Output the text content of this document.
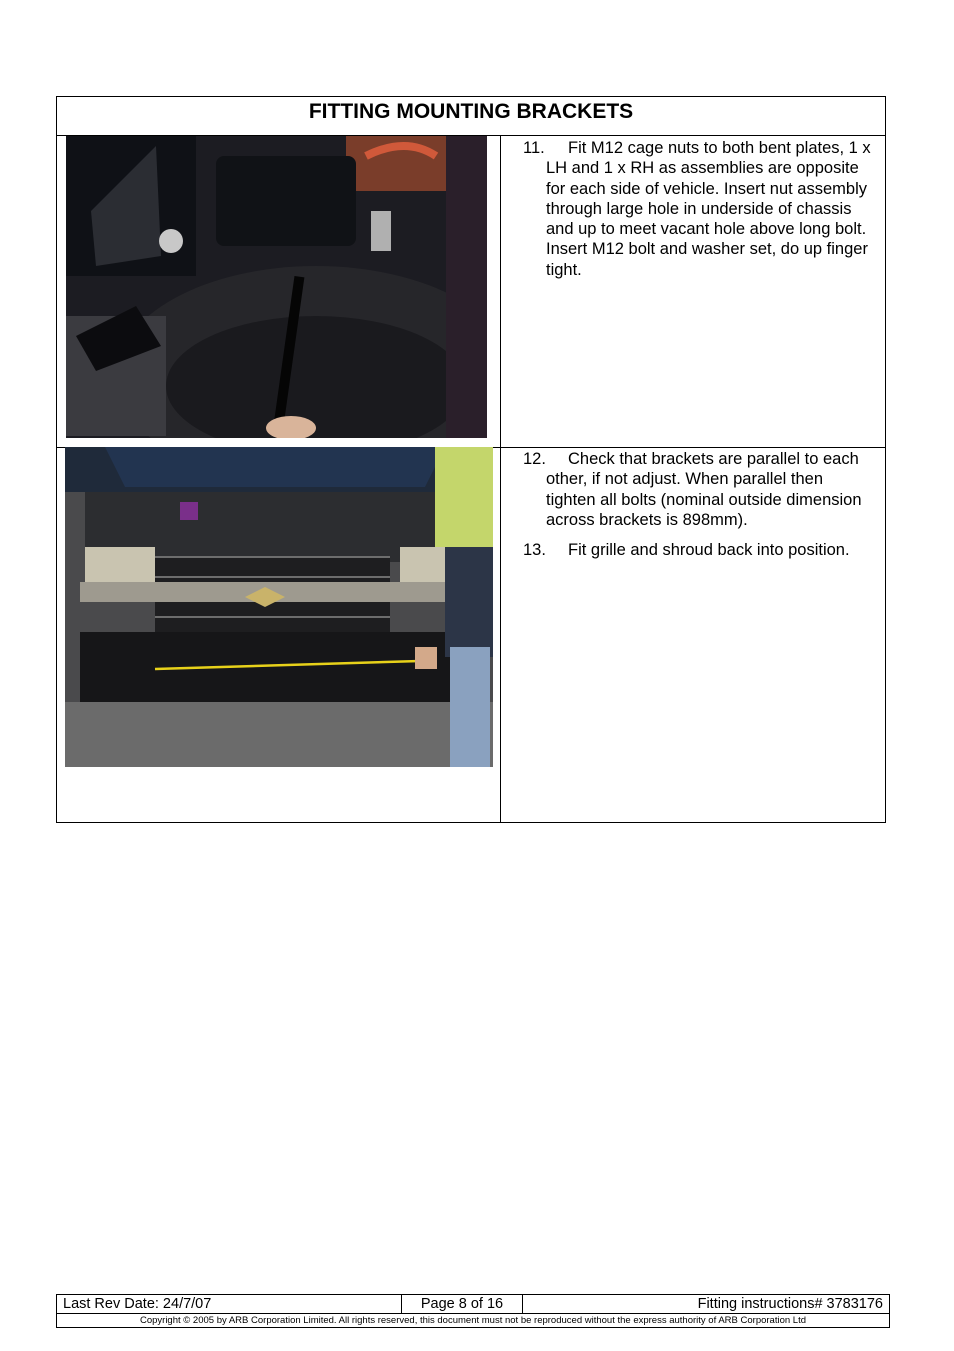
FITTING MOUNTING BRACKETS
11.	Fit M12 cage nuts to both bent plates, 1 x LH and 1 x RH as assemblies are opposite for each side of vehicle. Insert nut assembly through large hole in underside of chassis and up to meet vacant hole above long bolt. Insert M12 bolt and washer set, do up finger tight.
12.	Check that brackets are parallel to each other, if not adjust. When parallel then tighten all bolts (nominal outside dimension across brackets is 898mm).
13.	Fit grille and shroud back into position.
Last Rev Date: 24/7/07	Page 8 of 16	Fitting instructions# 3783176
Copyright © 2005 by ARB Corporation Limited. All rights reserved, this document must not be reproduced without the express authority of ARB Corporation Ltd
